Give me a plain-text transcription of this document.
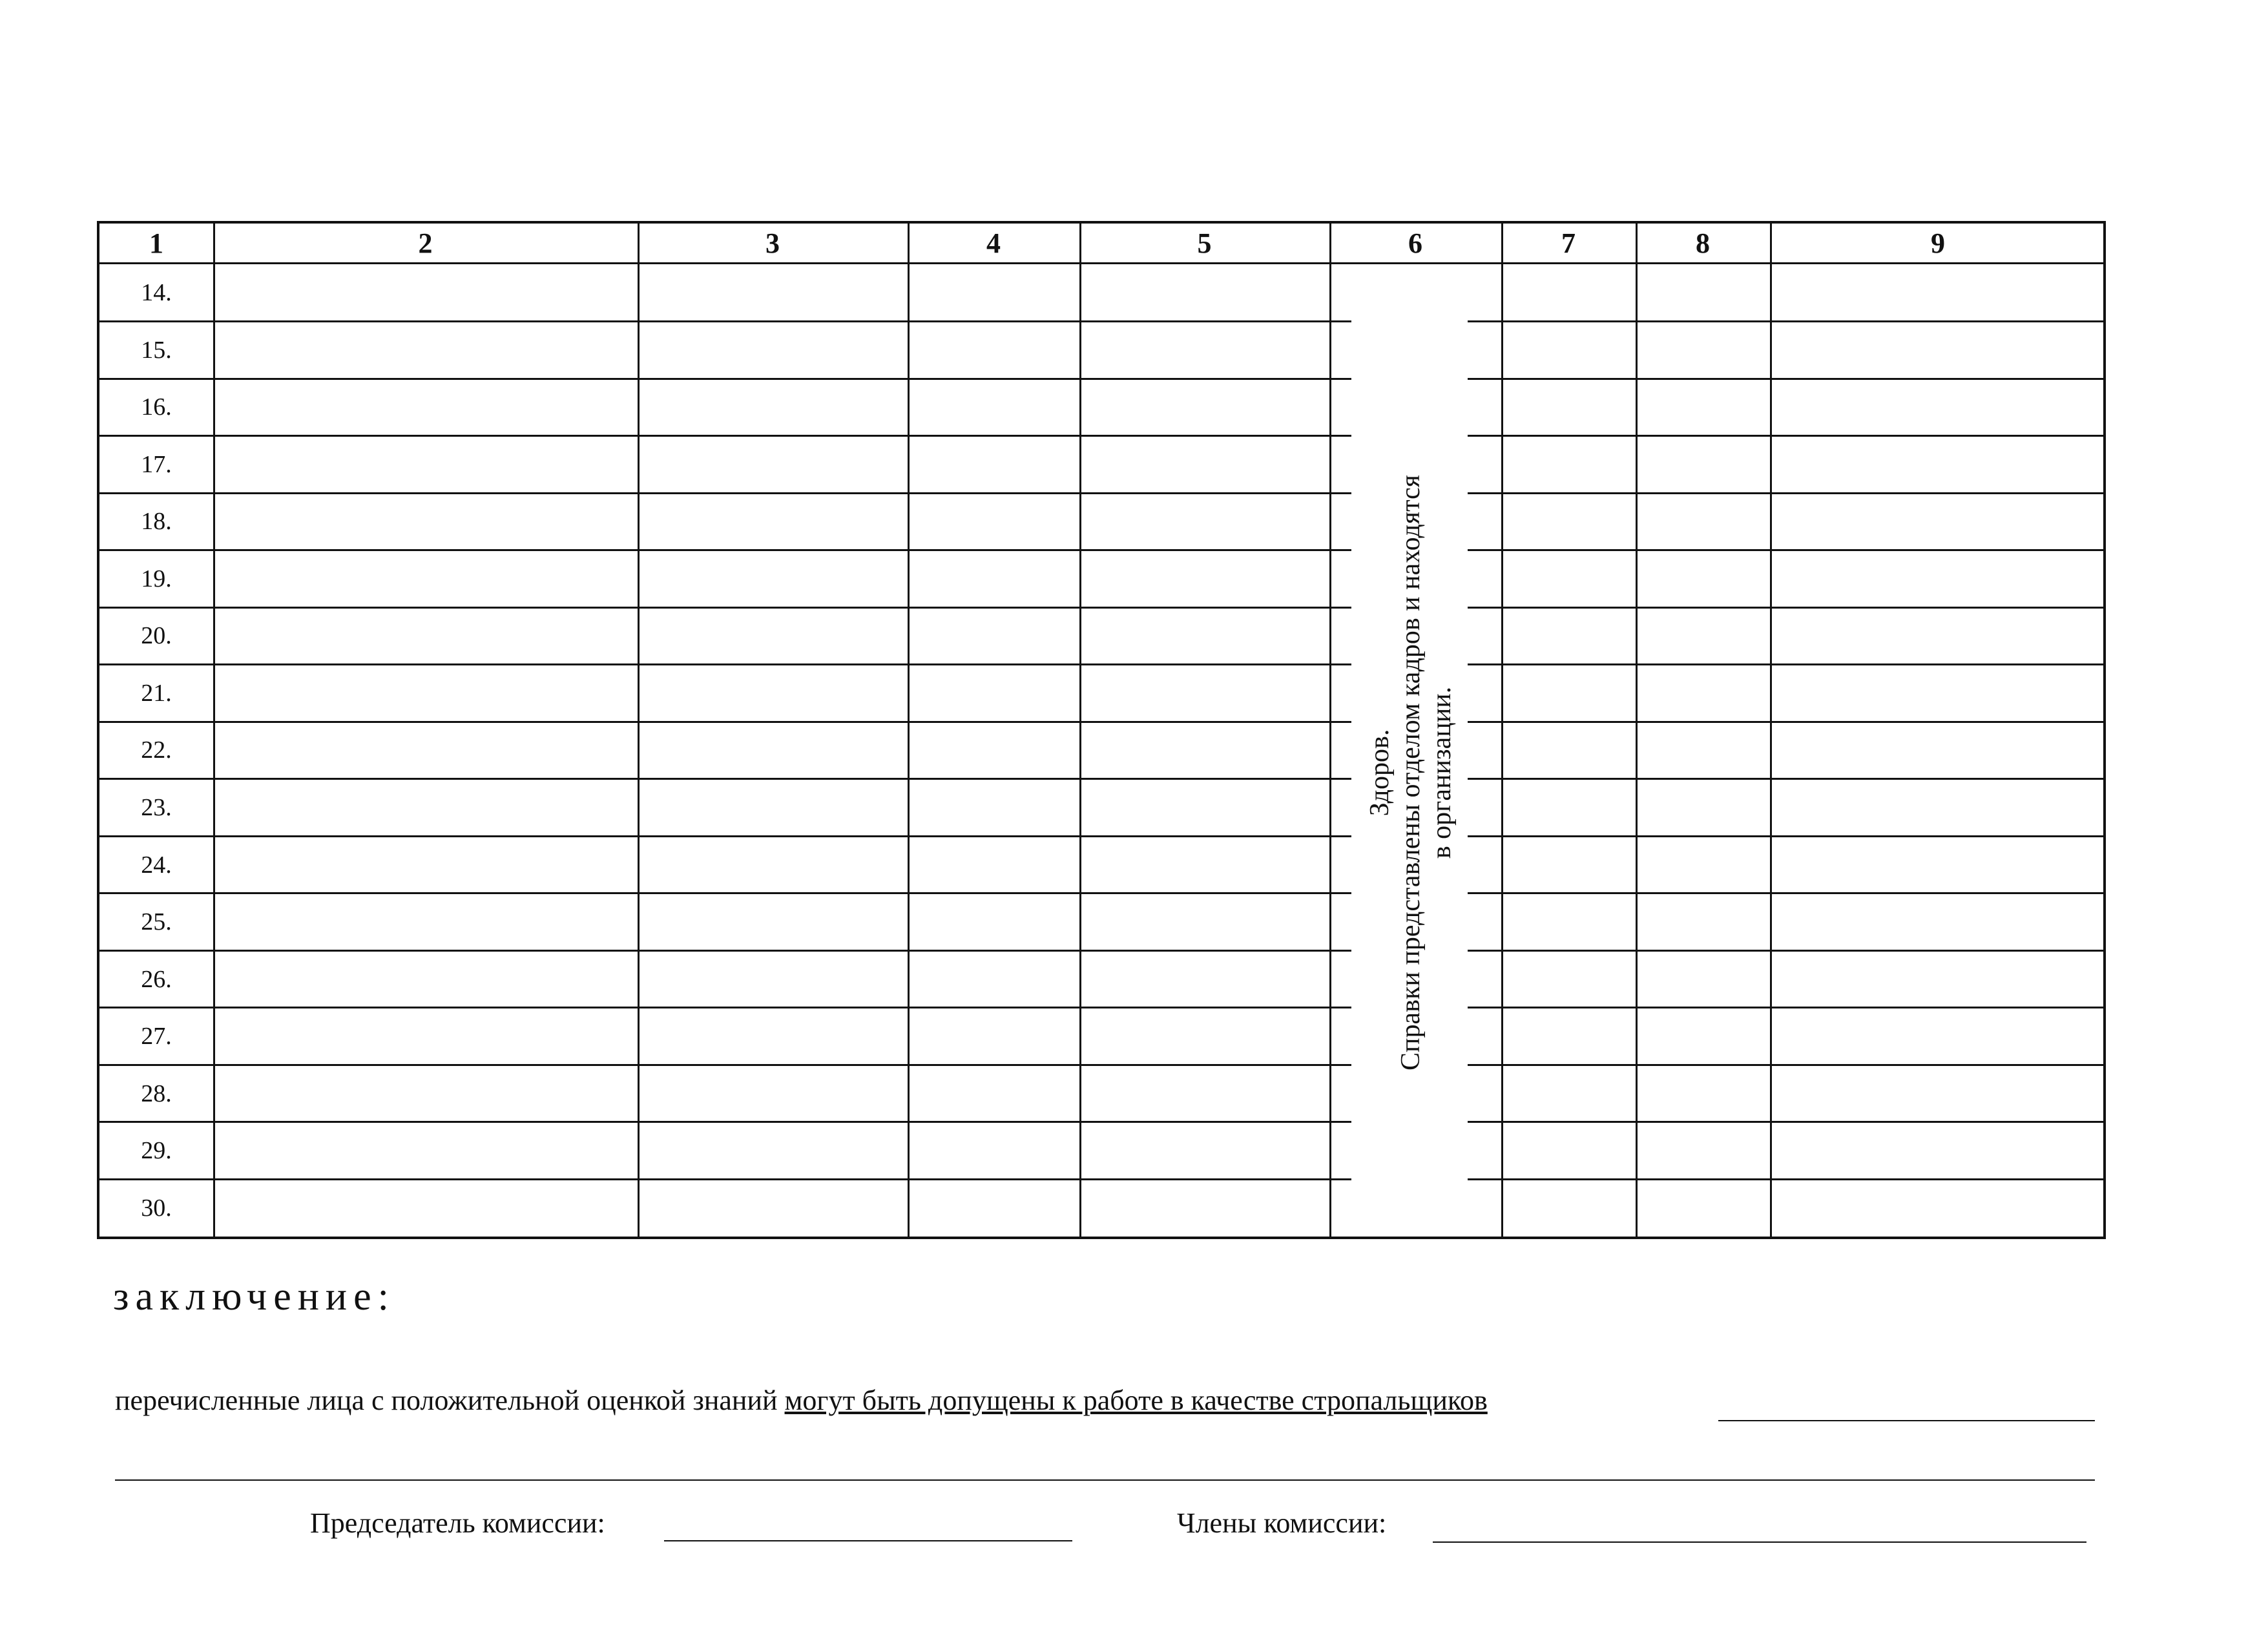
1	2	3	4	5	6	7	8	9
14.
15.
16.
17.
18.
19.
20.
21.
22.
23.
24.
25.
26.
27.
28.
29.
30.
Здоров. Справки представлены отделом кадров и находятся в организации.
заключение:
перечисленные лица с положительной оценкой знаний могут быть допущены к работе в качестве стропальщиков
Председатель комиссии:	Члены комиссии:
